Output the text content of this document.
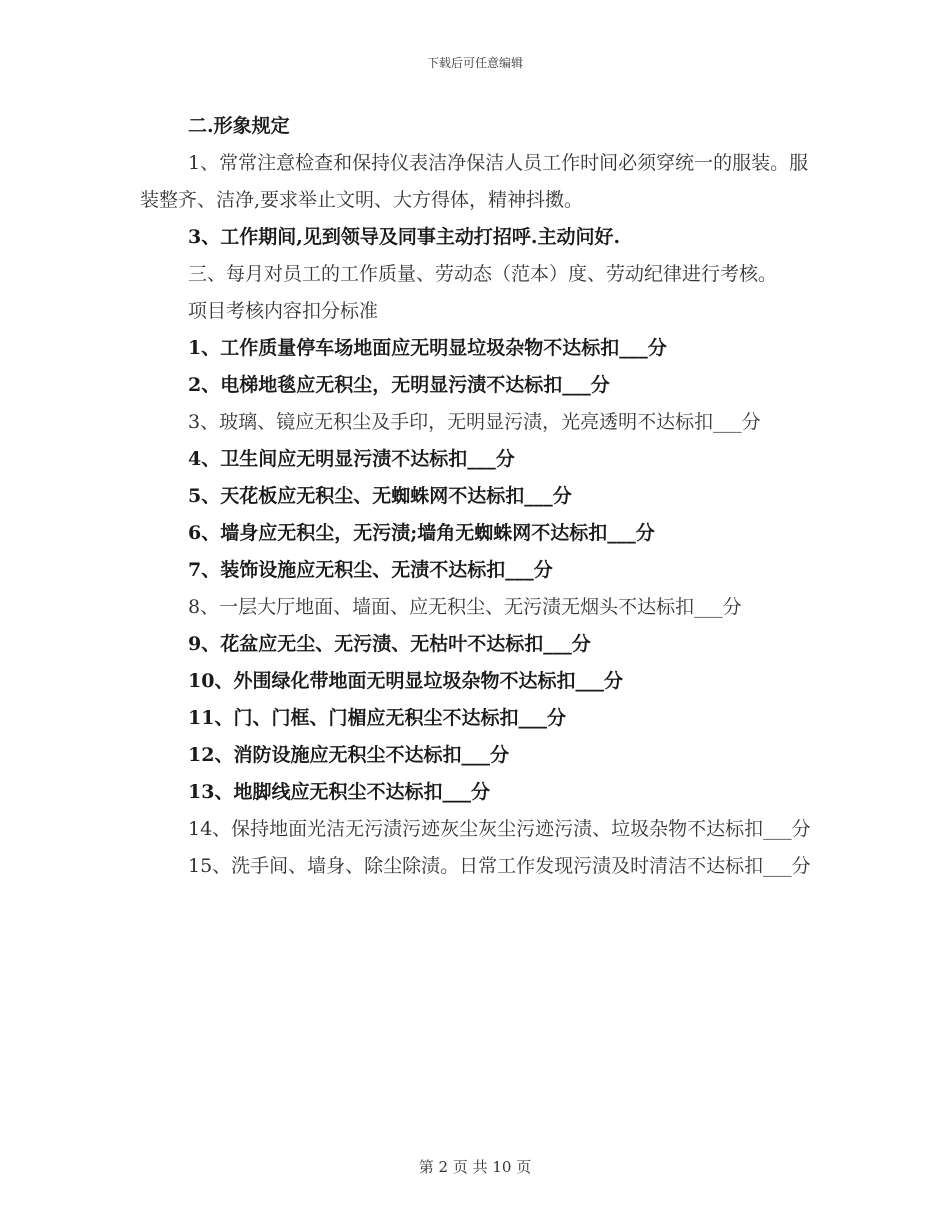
下载后可任意编辑

二.形象规定

1、常常注意检查和保持仪表洁净保洁人员工作时间必须穿统一的服装。服装整齐、洁净,要求举止文明、大方得体，精神抖擞。

3、工作期间,见到领导及同事主动打招呼.主动问好.

三、每月对员工的工作质量、劳动态（范本）度、劳动纪律进行考核。

项目考核内容扣分标准

1、工作质量停车场地面应无明显垃圾杂物不达标扣___分

2、电梯地毯应无积尘，无明显污渍不达标扣___分

3、玻璃、镜应无积尘及手印，无明显污渍，光亮透明不达标扣___分

4、卫生间应无明显污渍不达标扣___分

5、天花板应无积尘、无蜘蛛网不达标扣___分

6、墙身应无积尘，无污渍;墙角无蜘蛛网不达标扣___分

7、装饰设施应无积尘、无渍不达标扣___分

8、一层大厅地面、墙面、应无积尘、无污渍无烟头不达标扣___分

9、花盆应无尘、无污渍、无枯叶不达标扣___分

10、外围绿化带地面无明显垃圾杂物不达标扣___分

11、门、门框、门楣应无积尘不达标扣___分

12、消防设施应无积尘不达标扣___分

13、地脚线应无积尘不达标扣___分

14、保持地面光洁无污渍污迹灰尘灰尘污迹污渍、垃圾杂物不达标扣___分

15、洗手间、墙身、除尘除渍。日常工作发现污渍及时清洁不达标扣___分

第 2 页 共 10 页
